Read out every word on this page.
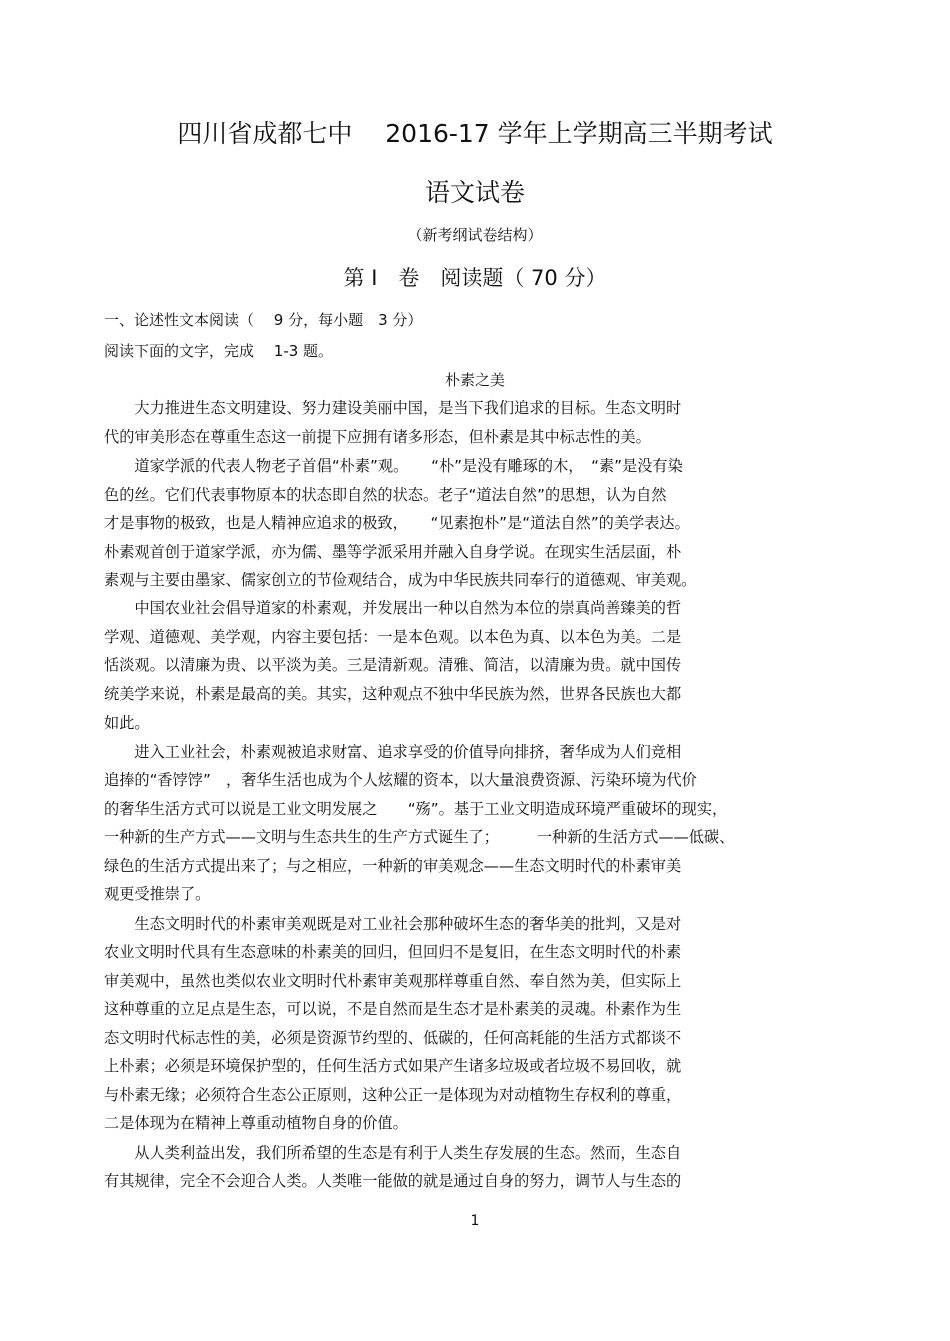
四川省成都七中　 2016-17 学年上学期高三半期考试
语文试卷
（新考纲试卷结构）
第 I　卷　阅读题（ 70 分）
一、论述性文本阅读（　 9 分，每小题　3 分）
阅读下面的文字，完成　 1-3 题。
朴素之美
　　大力推进生态文明建设、努力建设美丽中国，是当下我们追求的目标。生态文明时
代的审美形态在尊重生态这一前提下应拥有诸多形态，但朴素是其中标志性的美。
　　道家学派的代表人物老子首倡“朴素”观。　　“朴”是没有雕琢的木，　“素”是没有染
色的丝。它们代表事物原本的状态即自然的状态。老子“道法自然”的思想，认为自然
才是事物的极致，也是人精神应追求的极致，　　“见素抱朴”是“道法自然”的美学表达。
朴素观首创于道家学派，亦为儒、墨等学派采用并融入自身学说。在现实生活层面，朴
素观与主要由墨家、儒家创立的节俭观结合，成为中华民族共同奉行的道德观、审美观。
　　中国农业社会倡导道家的朴素观，并发展出一种以自然为本位的崇真尚善臻美的哲
学观、道德观、美学观，内容主要包括：一是本色观。以本色为真、以本色为美。二是
恬淡观。以清廉为贵、以平淡为美。三是清新观。清雅、简洁，以清廉为贵。就中国传
统美学来说，朴素是最高的美。其实，这种观点不独中华民族为然，世界各民族也大都
如此。
　　进入工业社会，朴素观被追求财富、追求享受的价值导向排挤，奢华成为人们竞相
追捧的“香饽饽”　，奢华生活也成为个人炫耀的资本，以大量浪费资源、污染环境为代价
的奢华生活方式可以说是工业文明发展之　　“殇”。基于工业文明造成环境严重破坏的现实，
一种新的生产方式——文明与生态共生的生产方式诞生了；　　　一种新的生活方式——低碳、
绿色的生活方式提出来了；与之相应，一种新的审美观念——生态文明时代的朴素审美
观更受推崇了。
　　生态文明时代的朴素审美观既是对工业社会那种破坏生态的奢华美的批判，又是对
农业文明时代具有生态意味的朴素美的回归，但回归不是复旧，在生态文明时代的朴素
审美观中，虽然也类似农业文明时代朴素审美观那样尊重自然、奉自然为美，但实际上
这种尊重的立足点是生态，可以说，不是自然而是生态才是朴素美的灵魂。朴素作为生
态文明时代标志性的美，必须是资源节约型的、低碳的，任何高耗能的生活方式都谈不
上朴素；必须是环境保护型的，任何生活方式如果产生诸多垃圾或者垃圾不易回收，就
与朴素无缘；必须符合生态公正原则，这种公正一是体现为对动植物生存权利的尊重，
二是体现为在精神上尊重动植物自身的价值。
　　从人类利益出发，我们所希望的生态是有利于人类生存发展的生态。然而，生态自
有其规律，完全不会迎合人类。人类唯一能做的就是通过自身的努力，调节人与生态的
1
